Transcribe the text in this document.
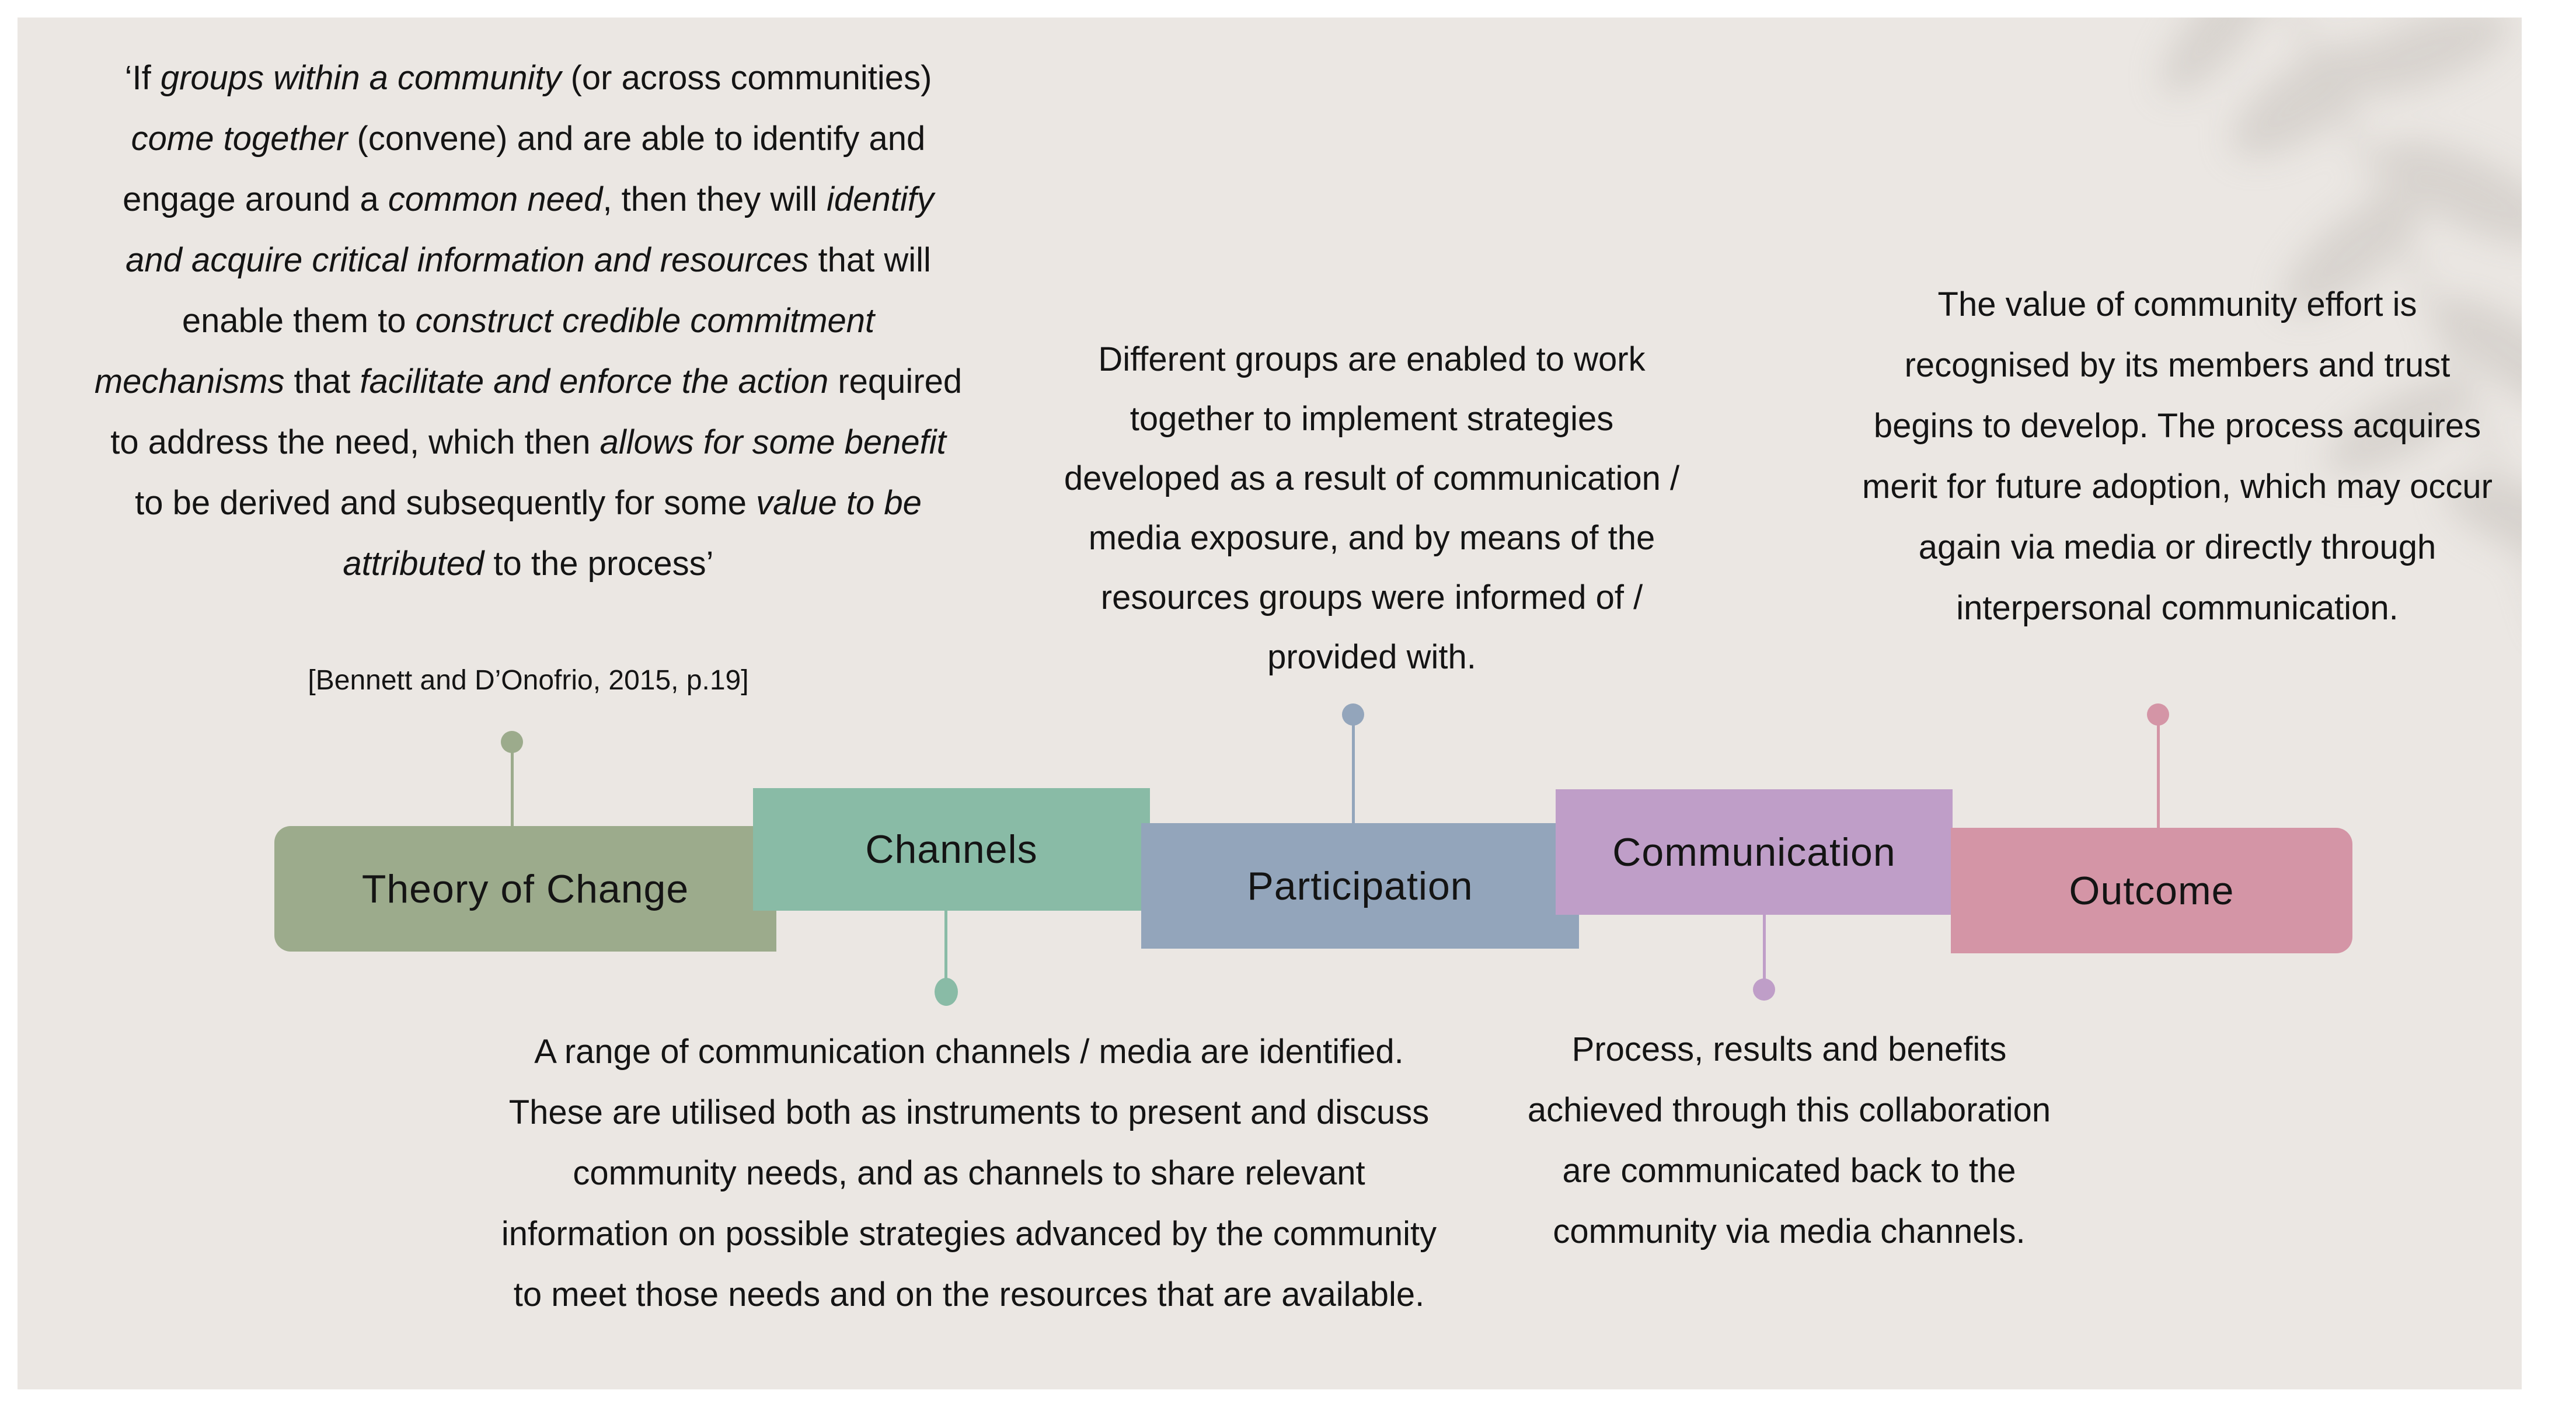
‘If groups within a community (or across communities) come together (convene) and are able to identify and engage around a common need, then they will identify and acquire critical information and resources that will enable them to construct credible commitment mechanisms that facilitate and enforce the action required to address the need, which then allows for some benefit to be derived and subsequently for some value to be attributed to the process’
[Bennett and D’Onofrio, 2015, p.19]
Different groups are enabled to work together to implement strategies developed as a result of communication / media exposure, and by means of the resources groups were informed of / provided with.
The value of community effort is recognised by its members and trust begins to develop. The process acquires merit for future adoption, which may occur again via media or directly through interpersonal communication.
A range of communication channels / media are identified. These are utilised both as instruments to present and discuss community needs, and as channels to share relevant information on possible strategies advanced by the community to meet those needs and on the resources that are available.
Process, results and benefits achieved through this collaboration are communicated back to the community via media channels.
Theory of Change
Channels
Participation
Communication
Outcome
